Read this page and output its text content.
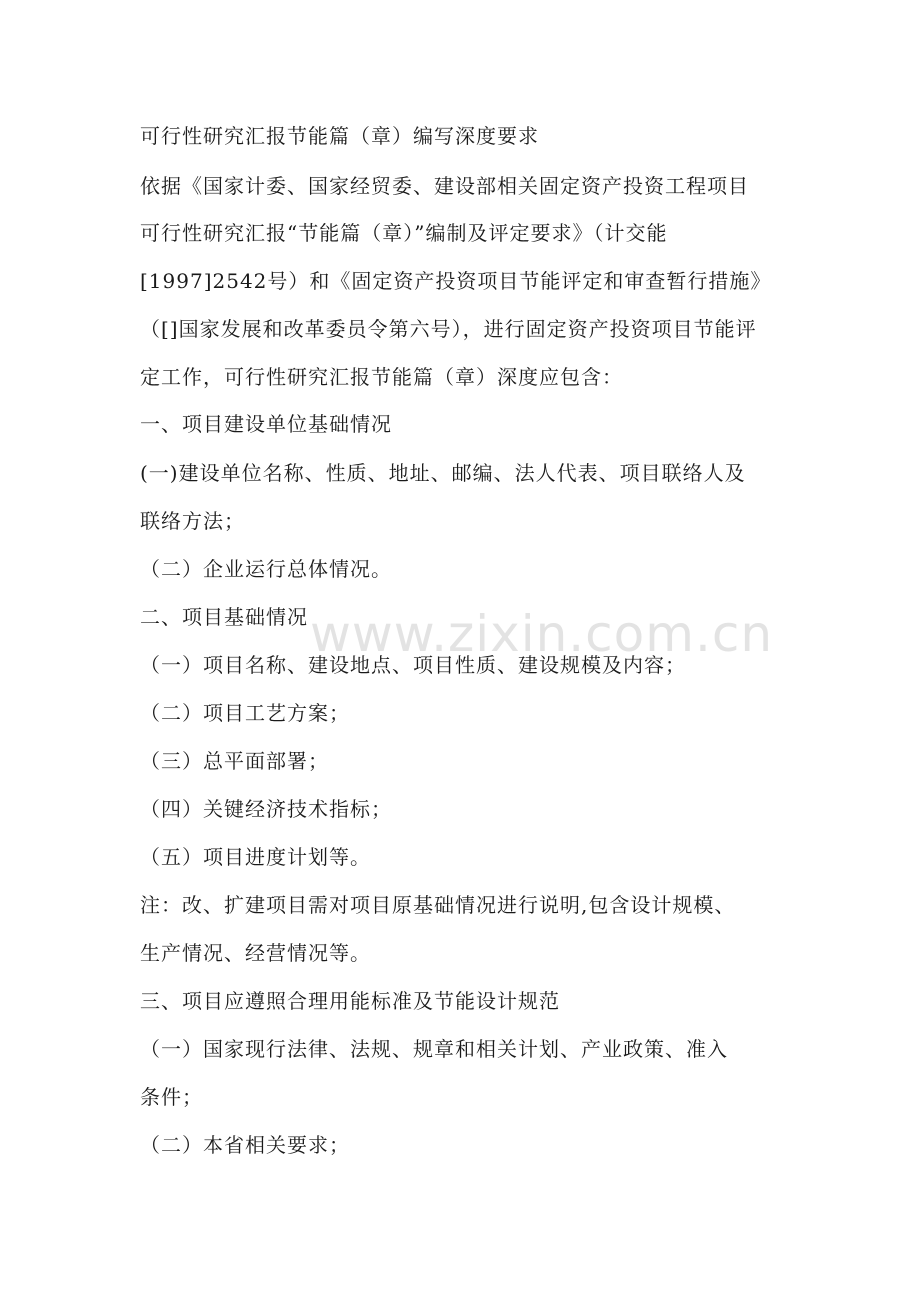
可行性研究汇报节能篇（章）编写深度要求
依据《国家计委、国家经贸委、建设部相关固定资产投资工程项目
可行性研究汇报“节能篇（章）”编制及评定要求》（计交能
[1997]2542号）和《固定资产投资项目节能评定和审查暂行措施》
（[]国家发展和改革委员令第六号），进行固定资产投资项目节能评
定工作，可行性研究汇报节能篇（章）深度应包含：
一、项目建设单位基础情况
(一)建设单位名称、性质、地址、邮编、法人代表、项目联络人及
联络方法；
（二）企业运行总体情况。
二、项目基础情况
（一）项目名称、建设地点、项目性质、建设规模及内容；
（二）项目工艺方案；
（三）总平面部署；
（四）关键经济技术指标；
（五）项目进度计划等。
注：改、扩建项目需对项目原基础情况进行说明,包含设计规模、
生产情况、经营情况等。
三、项目应遵照合理用能标准及节能设计规范
（一）国家现行法律、法规、规章和相关计划、产业政策、准入
条件；
（二）本省相关要求；
www.zixin.com.cn
